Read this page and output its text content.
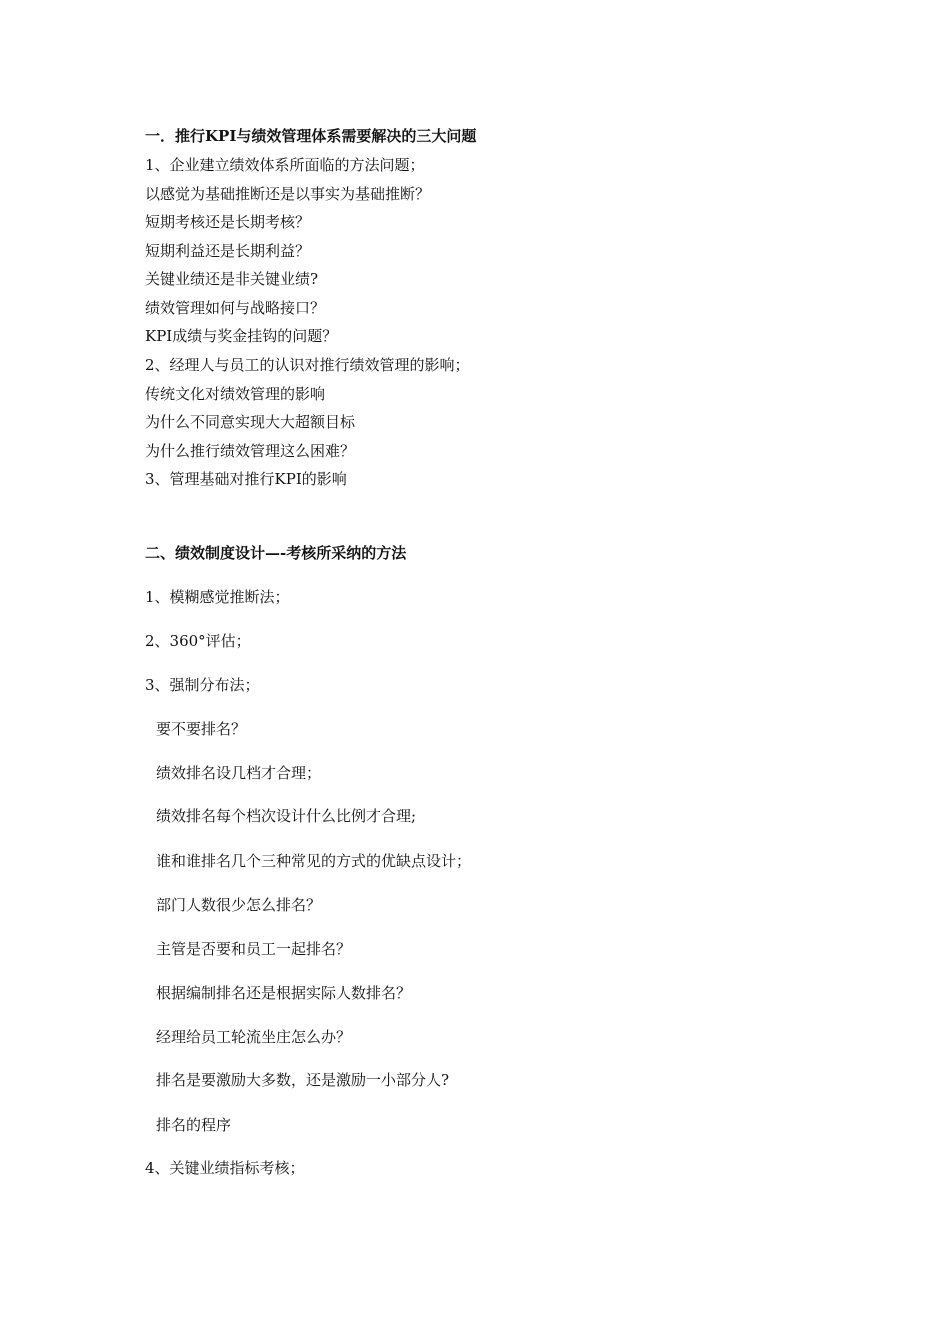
一．推行KPI与绩效管理体系需要解决的三大问题
1、企业建立绩效体系所面临的方法问题；
以感觉为基础推断还是以事实为基础推断？
短期考核还是长期考核？
短期利益还是长期利益？
关键业绩还是非关键业绩?
绩效管理如何与战略接口？
KPI成绩与奖金挂钩的问题？
2、经理人与员工的认识对推行绩效管理的影响；
传统文化对绩效管理的影响
为什么不同意实现大大超额目标
为什么推行绩效管理这么困难？
3、管理基础对推行KPI的影响
二、绩效制度设计—-考核所采纳的方法
1、模糊感觉推断法；
2、360°评估；
3、强制分布法；
要不要排名？
绩效排名设几档才合理；
绩效排名每个档次设计什么比例才合理;
谁和谁排名几个三种常见的方式的优缺点设计；
部门人数很少怎么排名？
主管是否要和员工一起排名？
根据编制排名还是根据实际人数排名？
经理给员工轮流坐庄怎么办？
排名是要激励大多数，还是激励一小部分人?
排名的程序
4、关键业绩指标考核；
